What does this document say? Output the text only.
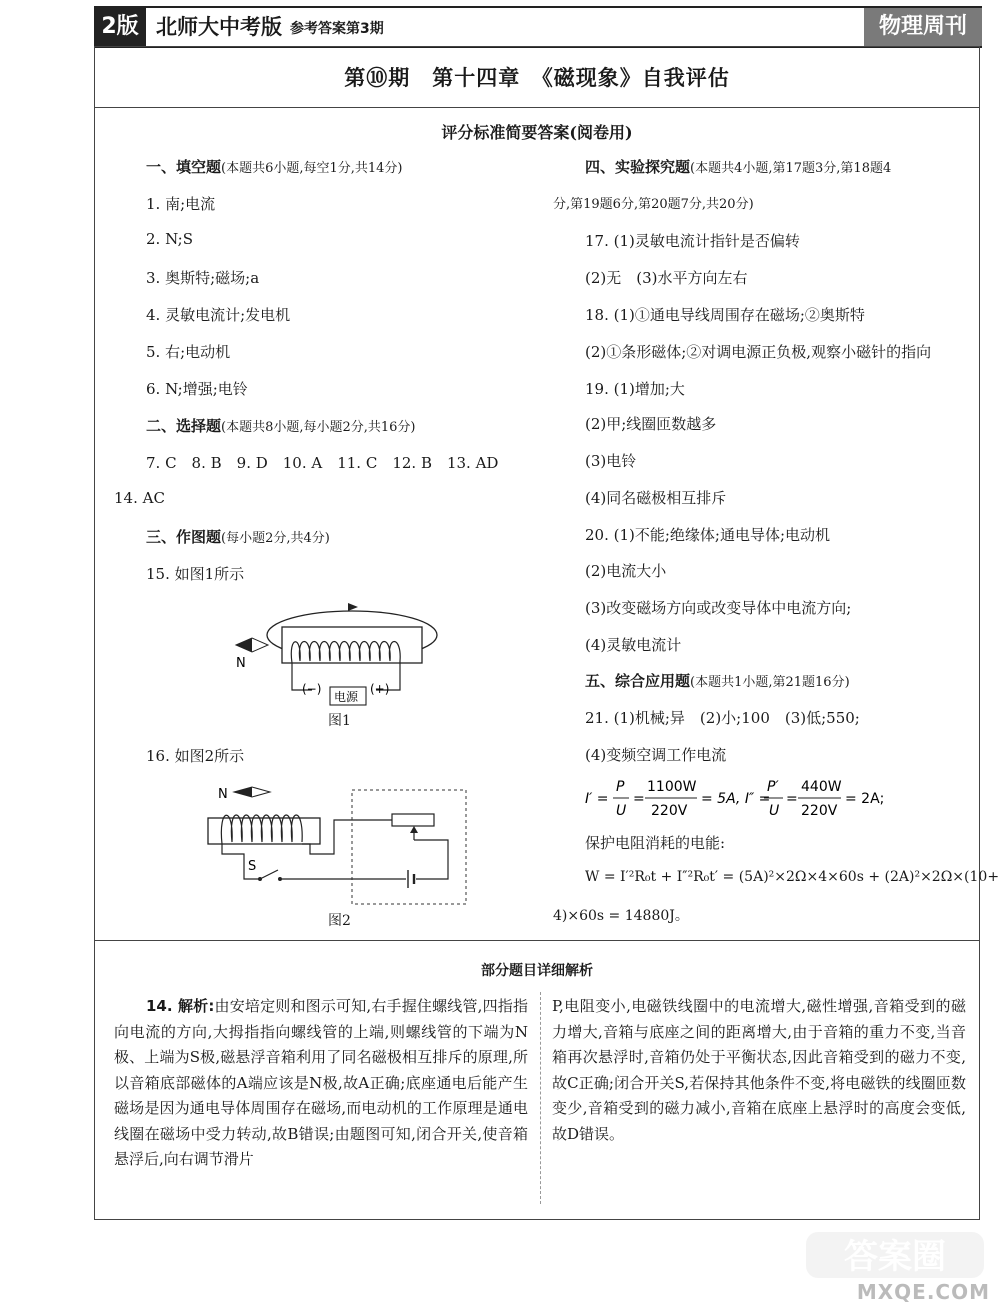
2版 北师大中考版 参考答案第3期	物理周刊
第⑩期　第十四章　《磁现象》自我评估
评分标准简要答案(阅卷用)
一、填空题(本题共6小题,每空1分,共14分)
1. 南;电流
2. N;S
3. 奥斯特;磁场;a
4. 灵敏电流计;发电机
5. 右;电动机
6. N;增强;电铃
二、选择题(本题共8小题,每小题2分,共16分)
7. C　8. B　9. D　10. A　11. C　12. B　13. AD
14. AC
三、作图题(每小题2分,共4分)
15. 如图1所示
16. 如图2所示
电源
(−)	(+)
N
图1
N
S
图2
四、实验探究题(本题共4小题,第17题3分,第18题4
分,第19题6分,第20题7分,共20分)
17. (1)灵敏电流计指针是否偏转
(2)无　(3)水平方向左右
18. (1)①通电导线周围存在磁场;②奥斯特
(2)①条形磁体;②对调电源正负极,观察小磁针的指向
19. (1)增加;大
(2)甲;线圈匝数越多
(3)电铃
(4)同名磁极相互排斥
20. (1)不能;绝缘体;通电导体;电动机
(2)电流大小
(3)改变磁场方向或改变导体中电流方向;
(4)灵敏电流计
五、综合应用题(本题共1小题,第21题16分)
21. (1)机械;异　(2)小;100　(3)低;550;
(4)变频空调工作电流
I′ =
P
U
=
1100W
220V
= 5A, I″ =
P′
U
=
440W
220V
= 2A;
保护电阻消耗的电能:
W = I′²R₀t + I″²R₀t′ = (5A)²×2Ω×4×60s + (2A)²×2Ω×(10+
4)×60s = 14880J。
部分题目详细解析
14. 解析:由安培定则和图示可知,右手握住螺线管,四指指向电流的方向,大拇指指向螺线管的上端,则螺线管的下端为N极、上端为S极,磁悬浮音箱利用了同名磁极相互排斥的原理,所以音箱底部磁体的A端应该是N极,故A正确;底座通电后能产生磁场是因为通电导体周围存在磁场,而电动机的工作原理是通电线圈在磁场中受力转动,故B错误;由题图可知,闭合开关,使音箱悬浮后,向右调节滑片
P,电阻变小,电磁铁线圈中的电流增大,磁性增强,音箱受到的磁力增大,音箱与底座之间的距离增大,由于音箱的重力不变,当音箱再次悬浮时,音箱仍处于平衡状态,因此音箱受到的磁力不变,故C正确;闭合开关S,若保持其他条件不变,将电磁铁的线圈匝数变少,音箱受到的磁力减小,音箱在底座上悬浮时的高度会变低,故D错误。
答案圈
MXQE.COM
